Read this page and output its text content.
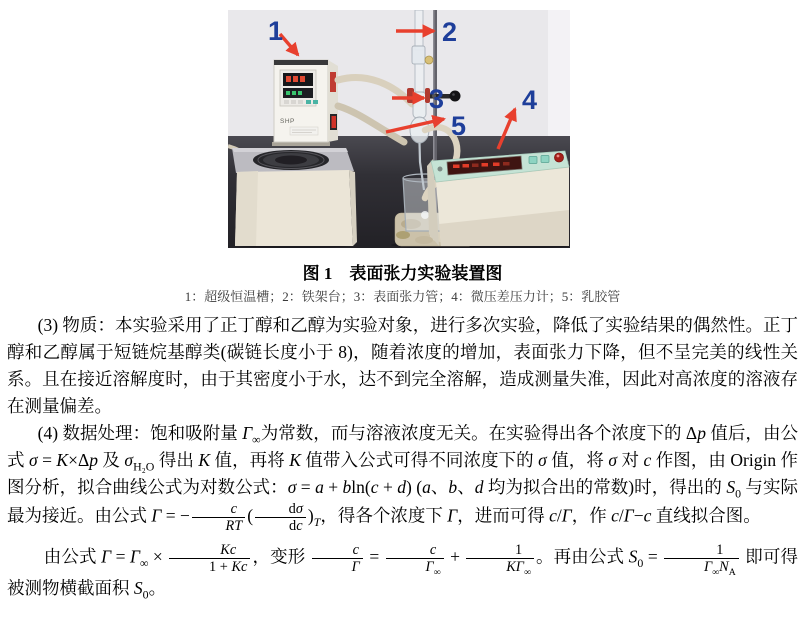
SHP
1	2
3	4
5
图 1　表面张力实验装置图
1：超级恒温槽；2：铁架台；3：表面张力管；4：微压差压力计；5：乳胶管

(3) 物质：本实验采用了正丁醇和乙醇为实验对象，进行多次实验，降低了实验结果的偶然性。正丁醇和乙醇属于短链烷基醇类(碳链长度小于 8)，随着浓度的增加，表面张力下降，但不呈完美的线性关系。且在接近溶解度时，由于其密度小于水，达不到完全溶解，造成测量失准，因此对高浓度的溶液存在测量偏差。

(4) 数据处理：饱和吸附量 $\Gamma_\infty$为常数，而与溶液浓度无关。在实验得出各个浓度下的 Δp 值后，由公式 σ = K×Δp 及 $\sigma_{H_2O}$ 得出 K 值，再将 K 值带入公式可得不同浓度下的 σ 值，将 σ 对 c 作图，由 Origin 作图分析，拟合曲线公式为对数公式：σ = a + bln(c + d) (a、b、d 均为拟合出的常数)时，得出的 $S_0$ 与实际最为接近。由公式 Γ = − $\frac{c}{RT}$ ( $\frac{d\sigma}{dc} )_T$，得各个浓度下 Γ，进而可得 c/Γ，作 c/Γ−c 直线拟合图。

由公式 $\Gamma = \Gamma_\infty \times \frac{Kc}{1 + Kc}$ ，变形 $\frac{c}{\Gamma} = \frac{c}{\Gamma_\infty} + \frac{1}{K\Gamma_\infty}$ 。再由公式 $S_0 = \frac{1}{\Gamma_\infty N_A}$ 即可得被测物横截面积 $S_0$。
